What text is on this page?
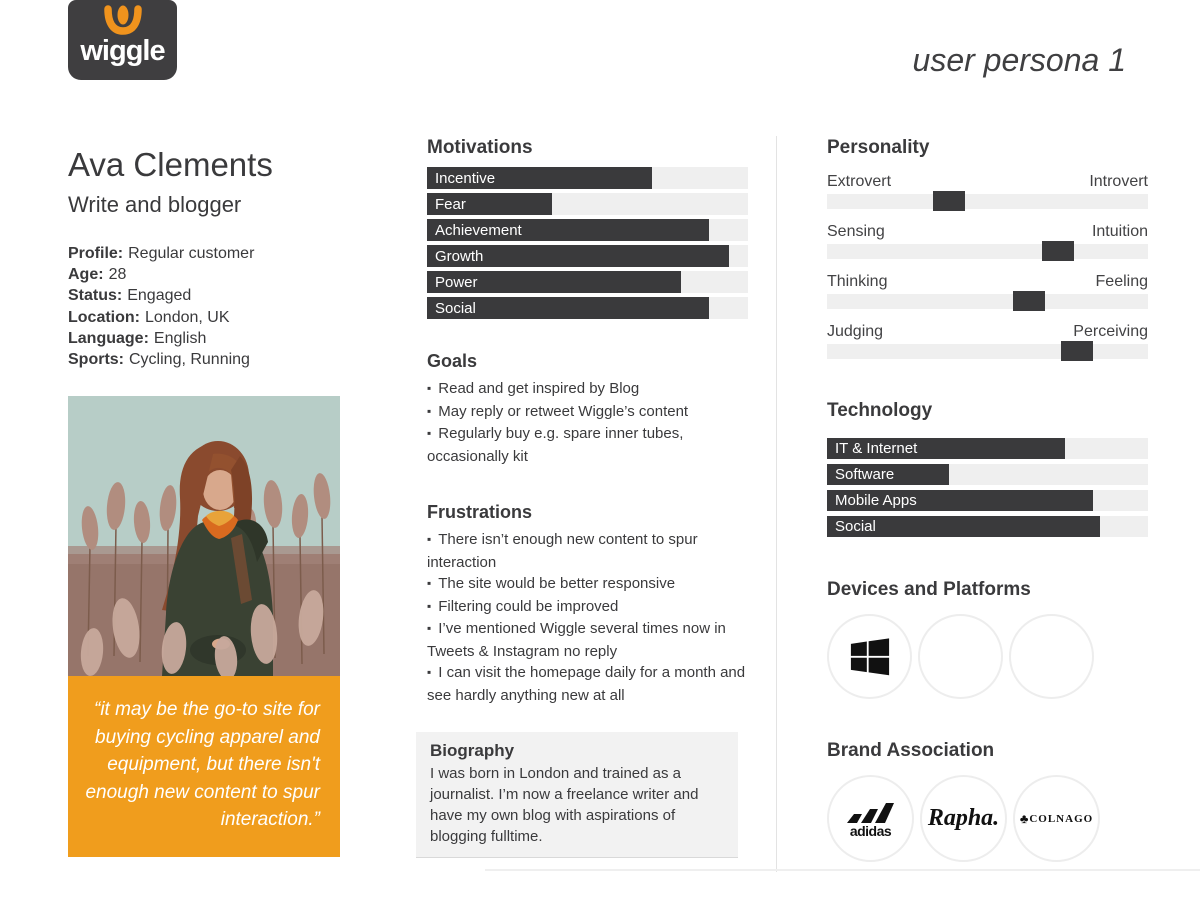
wiggle	user persona 1
Ava Clements
Write and blogger
Profile: Regular customer
Age: 28
Status: Engaged
Location: London, UK
Language: English
Sports: Cycling, Running
“it may be the go-to site for buying cycling apparel and equipment, but there isn't enough new content to spur interaction.”
Motivations
Incentive
Fear
Achievement
Growth
Power
Social
Goals
▪ Read and get inspired by Blog
▪ May reply or retweet Wiggle’s content
▪ Regularly buy e.g. spare inner tubes, occasionally kit
Frustrations
▪ There isn’t enough new content to spur interaction
▪ The site would be better responsive
▪ Filtering could be improved
▪ I’ve mentioned Wiggle several times now in Tweets & Instagram no reply
▪ I can visit the homepage daily for a month and see hardly anything new at all
Biography
I was born in London and trained as a journalist. I’m now a freelance writer and have my own blog with aspirations of blogging fulltime.
Personality
Extrovert	Introvert
Sensing	Intuition
Thinking	Feeling
Judging	Perceiving
Technology
IT & Internet
Software
Mobile Apps
Social
Devices and Platforms
Brand Association
adidas Rapha. ♣ COLNAGO
